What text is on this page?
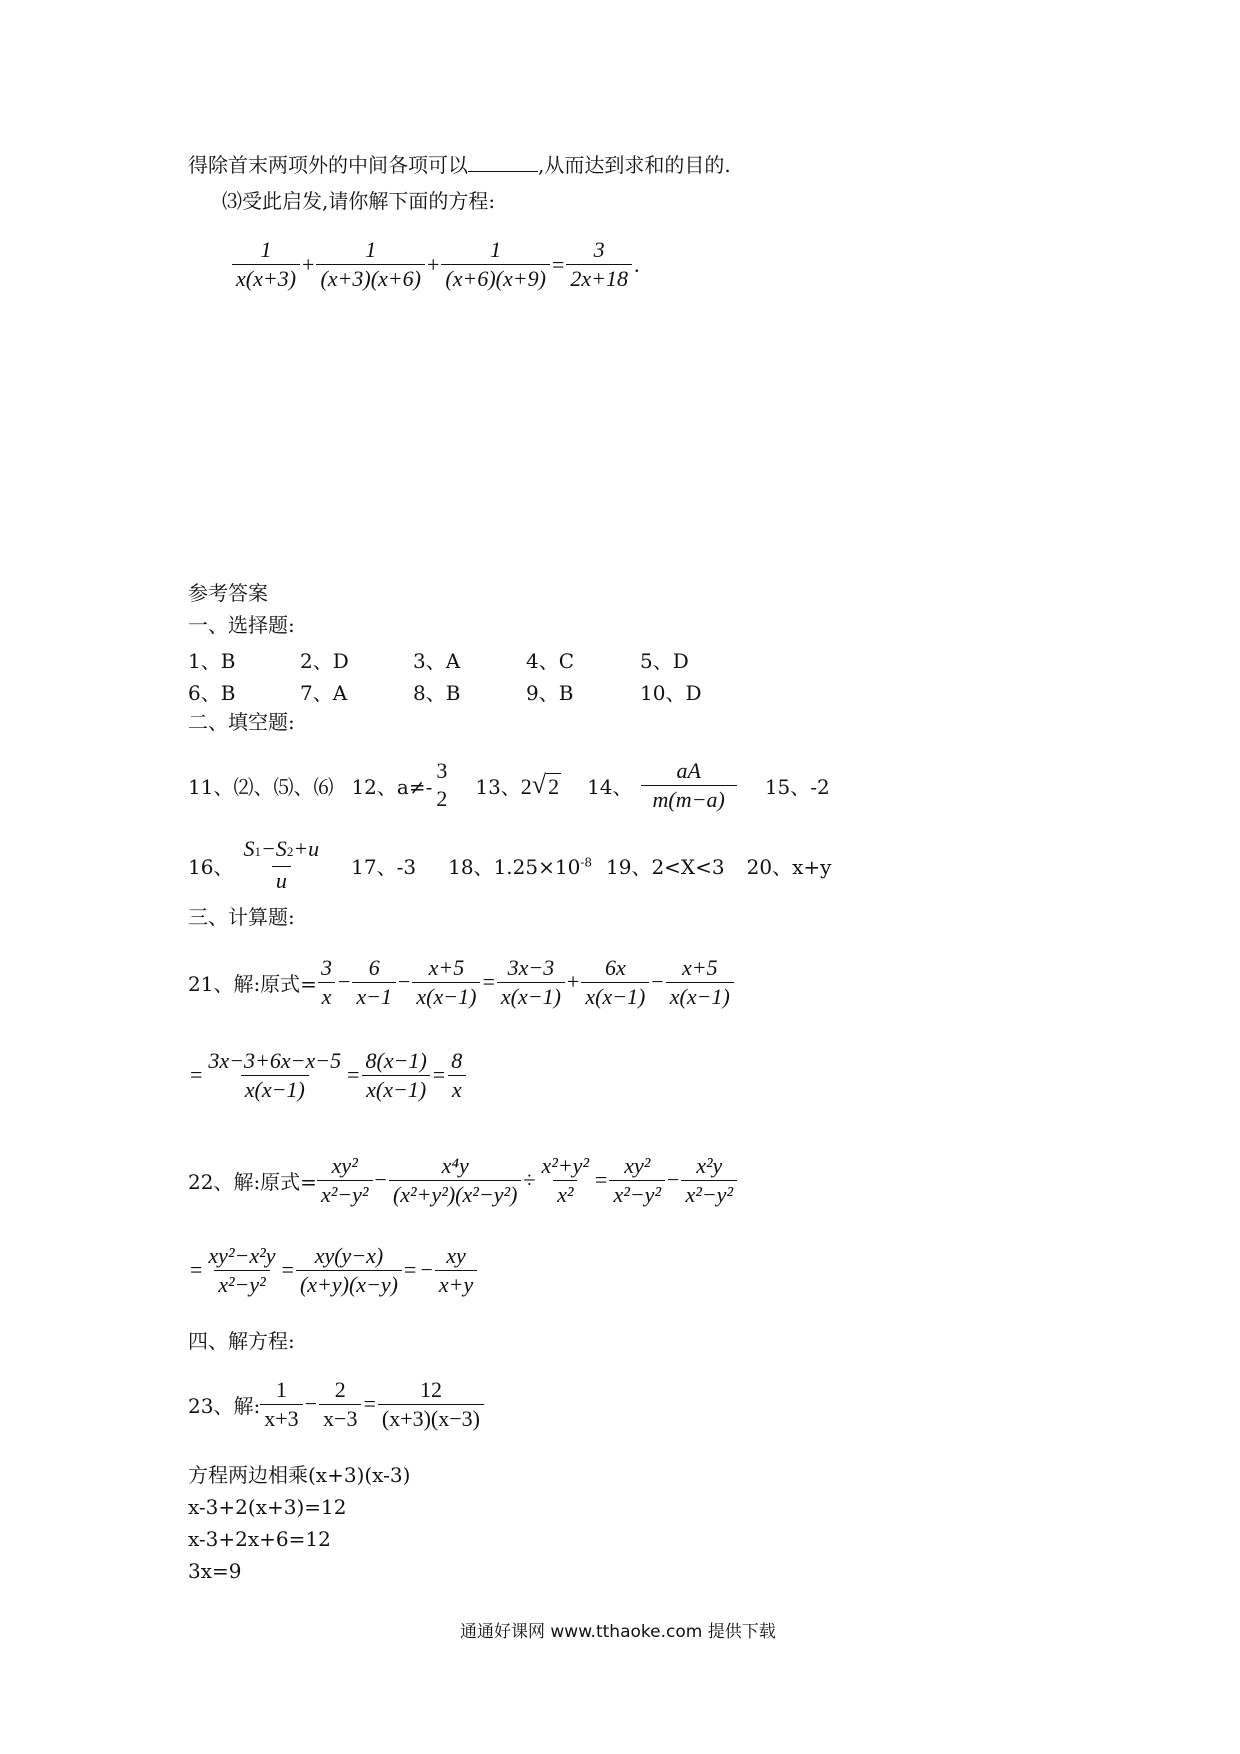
得除首末两项外的中间各项可以	,从而达到求和的目的.
⑶受此启发,请你解下面的方程:
$\frac{1}{x(x+3)} + \frac{1}{(x+3)(x+6)} + \frac{1}{(x+6)(x+9)} = \frac{3}{2x+18}$ .
参考答案
一、选择题:
1、B	2、D	3、A	4、C	5、D
6、B	7、A	8、B	9、B	10、D
二、填空题:
11、⑵、⑸、⑹ 12、a≠-
3
2 13、 2 √ 2 14、 $\frac{aA}{m(m-a)} 15$、-2
16、 $\frac{S1-S2+u}{u} 17$、-3 18、$1.25\times 10^{-8}$ 19、2<X<3 20、x+y
三、计算题:
21、解:原式= $\frac{3}{x} - \frac{6}{x-1} - \frac{x+5}{x(x-1)} = \frac{3x-3}{x(x-1)} + \frac{6x}{x(x-1)} - \frac{x+5}{x(x-1)}$
= $\frac{3x-3+6x-x-5}{x(x-1)} = \frac{8(x-1)}{x(x-1)} = \frac{8}{x}$
22、解:原式= $\frac{\text{xy²}}{\text{x²−y²}} - \frac{\text{x⁴y}}{\text{(x²+y²)(x²−y²)}} \div \frac{\text{x²+y²}}{\text{x²}} = \frac{\text{xy²}}{\text{x²−y²}} - \frac{\text{x²y}}{\text{x²−y²}}$
= $\frac{\text{xy²−x²y}}{\text{x²−y²}} = \frac{xy(y-x)}{(x+y)(x-y)}$ = − $\frac{xy}{x+y}$
四、解方程:
23、解: $\frac{1}{x+3} - \frac{2}{x-3} = \frac{12}{(x+3)(x-3)}$
方程两边相乘(x+3)(x-3)
x-3+2(x+3)=12
x-3+2x+6=12
3x=9
通通好课网 www.tthaoke.com 提供下载
